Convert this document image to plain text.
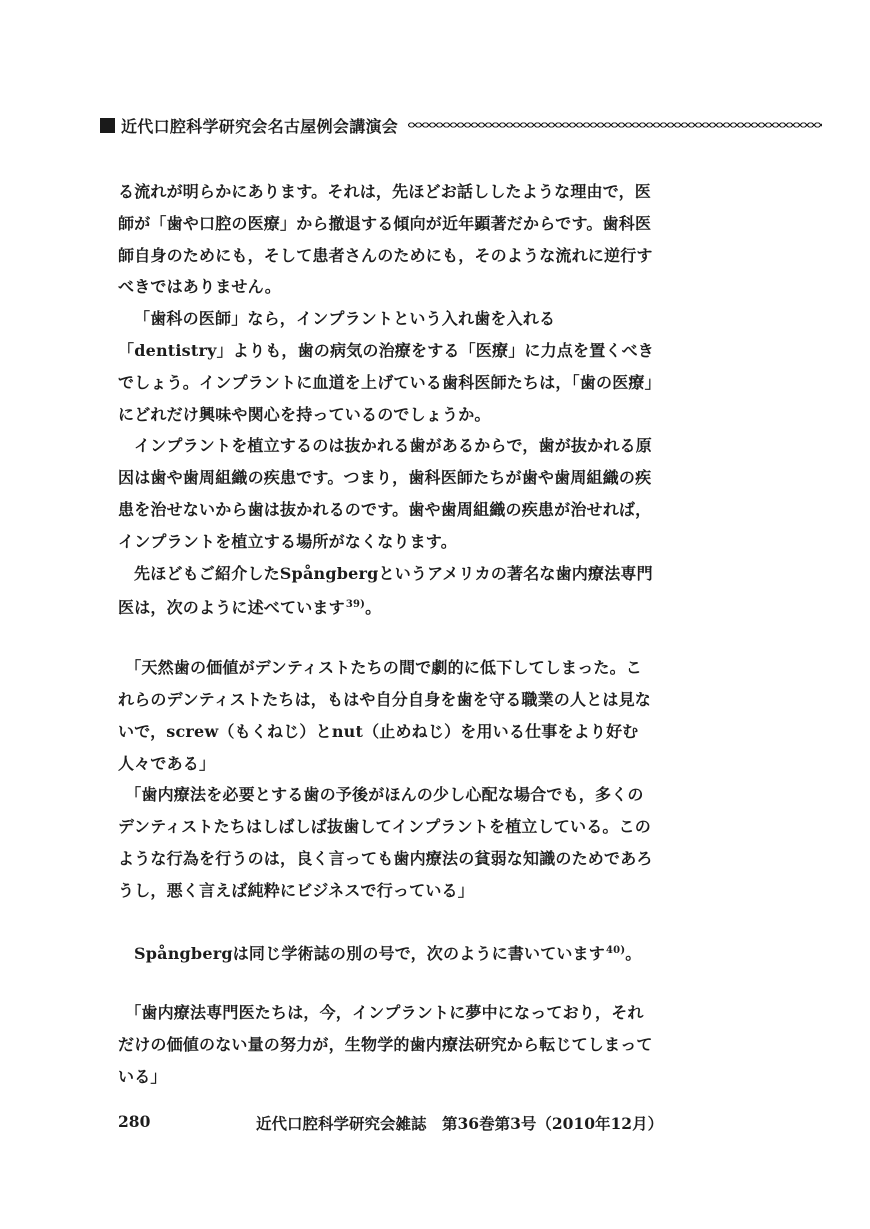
近代口腔科学研究会名古屋例会講演会

る流れが明らかにあります。それは，先ほどお話ししたような理由で，医師が「歯や口腔の医療」から撤退する傾向が近年顕著だからです。歯科医師自身のためにも，そして患者さんのためにも，そのような流れに逆行すべきではありません。

「歯科の医師」なら，インプラントという入れ歯を入れる「dentistry」よりも，歯の病気の治療をする「医療」に力点を置くべきでしょう。インプラントに血道を上げている歯科医師たちは，「歯の医療」にどれだけ興味や関心を持っているのでしょうか。

インプラントを植立するのは抜かれる歯があるからで，歯が抜かれる原因は歯や歯周組織の疾患です。つまり，歯科医師たちが歯や歯周組織の疾患を治せないから歯は抜かれるのです。歯や歯周組織の疾患が治せれば，インプラントを植立する場所がなくなります。

先ほどもご紹介したSpångbergというアメリカの著名な歯内療法専門医は，次のように述べています$^{39)}$。

「天然歯の価値がデンティストたちの間で劇的に低下してしまった。これらのデンティストたちは，もはや自分自身を歯を守る職業の人とは見ないで，screw（もくねじ）とnut（止めねじ）を用いる仕事をより好む人々である」

「歯内療法を必要とする歯の予後がほんの少し心配な場合でも，多くのデンティストたちはしばしば抜歯してインプラントを植立している。このような行為を行うのは，良く言っても歯内療法の貧弱な知識のためであろうし，悪く言えば純粋にビジネスで行っている」

Spångbergは同じ学術誌の別の号で，次のように書いています$^{40)}$。

「歯内療法専門医たちは，今，インプラントに夢中になっており，それだけの価値のない量の努力が，生物学的歯内療法研究から転じてしまっている」

280	近代口腔科学研究会雑誌　第36巻第3号（2010年12月）
